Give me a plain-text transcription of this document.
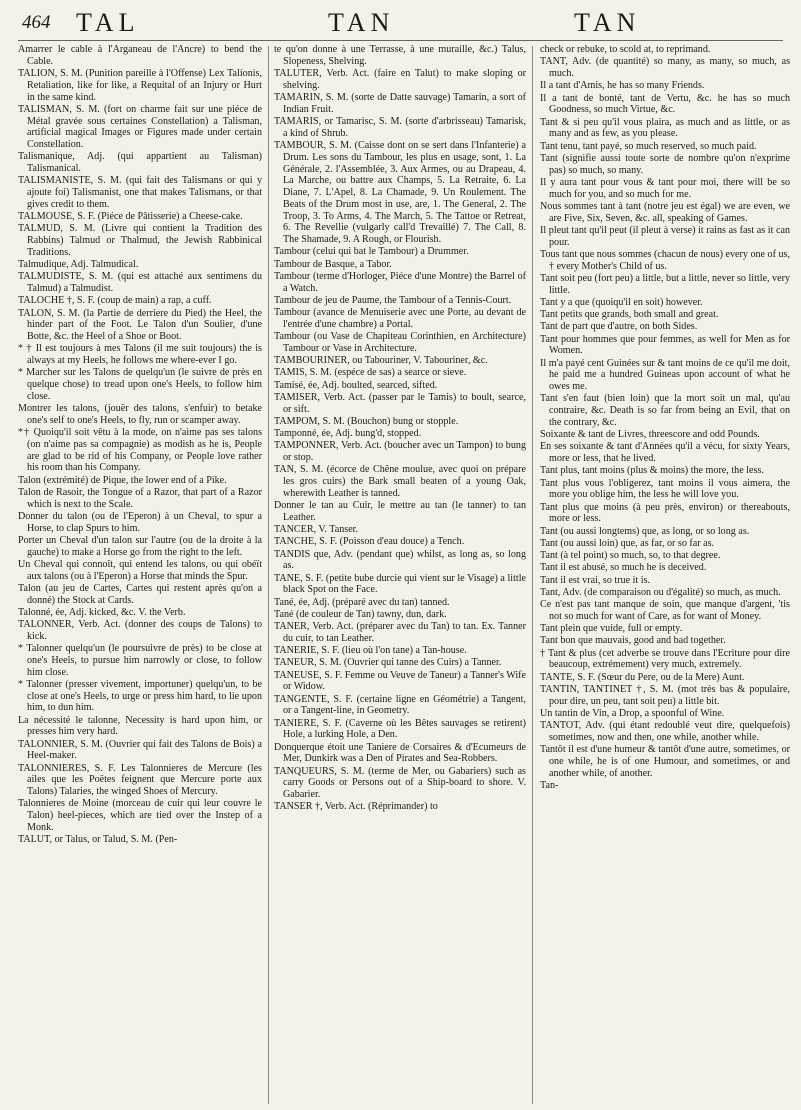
464 TAL	TAN	TAN
Amarrer le cable à l'Arganeau de l'Ancre) to bend the Cable.
TALION, S. M. (Punition pareille à l'Offense) Lex Talionis, Retaliation, like for like, a Requital of an Injury or Hurt in the same kind.
TALISMAN, S. M. (fort on charme fait sur une piéce de Métal gravée sous certaines Constellation) a Talisman, artificial magical Images or Figures made under certain Constellation.
Talismanique, Adj. (qui appartient au Talisman) Talismanical.
TALISMANISTE, S. M. (qui fait des Talismans or qui y ajoute foi) Talismanist, one that makes Talismans, or that gives credit to them.
TALMOUSE, S. F. (Piéce de Pâtisserie) a Cheese-cake.
TALMUD, S. M. (Livre qui contient la Tradition des Rabbins) Talmud or Thalmud, the Jewish Rabbinical Traditions.
Talmudique, Adj. Talmudical.
TALMUDISTE, S. M. (qui est attaché aux sentimens du Talmud) a Talmudist.
TALOCHE †, S. F. (coup de main) a rap, a cuff.
TALON, S. M. (la Partie de derriere du Pied) the Heel, the hinder part of the Foot. Le Talon d'un Soulier, d'une Botte, &c. the Heel of a Shoe or Boot.
* † Il est toujours à mes Talons (il me suit toujours) the is always at my Heels, he follows me where-ever I go.
* Marcher sur les Talons de quelqu'un (le suivre de près en quelque chose) to tread upon one's Heels, to follow him close.
Montrer les talons, (jouër des talons, s'enfuir) to betake one's self to one's Heels, to fly, run or scamper away.
*† Quoiqu'il soit vêtu à la mode, on n'aime pas ses talons (on n'aime pas sa compagnie) as modish as he is, People are glad to be rid of his Company, or People love rather his room than his Company.
Talon (extrémité) de Pique, the lower end of a Pike.
Talon de Rasoir, the Tongue of a Razor, that part of a Razor which is next to the Scale.
Donner du talon (ou de l'Eperon) à un Cheval, to spur a Horse, to clap Spurs to him.
Porter un Cheval d'un talon sur l'autre (ou de la droite à la gauche) to make a Horse go from the right to the left.
Un Cheval qui connoît, qui entend les talons, ou qui obéït aux talons (ou à l'Eperon) a Horse that minds the Spur.
Talon (au jeu de Cartes, Cartes qui restent après qu'on a donné) the Stock at Cards.
Talonné, ée, Adj. kicked, &c. V. the Verb.
TALONNER, Verb. Act. (donner des coups de Talons) to kick.
* Talonner quelqu'un (le poursuivre de près) to be close at one's Heels, to pursue him narrowly or close, to follow him close.
* Talonner (presser vivement, importuner) quelqu'un, to be close at one's Heels, to urge or press him hard, to lie upon him, to dun him.
La nécessité le talonne, Necessity is hard upon him, or presses him very hard.
TALONNIER, S. M. (Ouvrier qui fait des Talons de Bois) a Heel-maker.
TALONNIERES, S. F. Les Talonnieres de Mercure (les ailes que les Poëtes feignent que Mercure porte aux Talons) Talaries, the winged Shoes of Mercury.
Talonnieres de Moine (morceau de cuir qui leur couvre le Talon) heel-pieces, which are tied over the Instep of a Monk.
TALUT, or Talus, or Talud, S. M. (Pen-
te qu'on donne à une Terrasse, à une muraille, &c.) Talus, Slopeness, Shelving.
TALUTER, Verb. Act. (faire en Talut) to make sloping or shelving.
TAMARIN, S. M. (sorte de Datte sauvage) Tamarin, a sort of Indian Fruit.
TAMARIS, or Tamarisc, S. M. (sorte d'arbrisseau) Tamarisk, a kind of Shrub.
TAMBOUR, S. M. (Caisse dont on se sert dans l'Infanterie) a Drum. Les sons du Tambour, les plus en usage, sont, 1. La Générale, 2. l'Assemblée, 3. Aux Armes, ou au Drapeau, 4. La Marche, ou battre aux Champs, 5. La Retraite, 6. La Diane, 7. L'Apel, 8. La Chamade, 9. Un Roulement. The Beats of the Drum most in use, are, 1. The General, 2. The Troop, 3. To Arms, 4. The March, 5. The Tattoe or Retreat, 6. The Revellie (vulgarly call'd Trevaillé) 7. The Call, 8. The Shamade, 9. A Rough, or Flourish.
Tambour (celui qui bat le Tambour) a Drummer.
Tambour de Basque, a Tabor.
Tambour (terme d'Horloger, Piéce d'une Montre) the Barrel of a Watch.
Tambour de jeu de Paume, the Tambour of a Tennis-Court.
Tambour (avance de Menuiserie avec une Porte, au devant de l'entrée d'une chambre) a Portal.
Tambour (ou Vase de Chapiteau Corinthien, en Architecture) Tambour or Vase in Architecture.
TAMBOURINER, ou Tabouriner, V. Tabouriner, &c.
TAMIS, S. M. (espéce de sas) a searce or sieve.
Tamisé, ée, Adj. boulted, searced, sifted.
TAMISER, Verb. Act. (passer par le Tamis) to boult, searce, or sift.
TAMPOM, S. M. (Bouchon) bung or stopple.
Tamponné, ée, Adj. bung'd, stopped.
TAMPONNER, Verb. Act. (boucher avec un Tampon) to bung or stop.
TAN, S. M. (écorce de Chêne moulue, avec quoi on prépare les gros cuirs) the Bark small beaten of a young Oak, wherewith Leather is tanned.
Donner le tan au Cuir, le mettre au tan (le tanner) to tan Leather.
TANCER, V. Tanser.
TANCHE, S. F. (Poisson d'eau douce) a Tench.
TANDIS que, Adv. (pendant que) whilst, as long as, so long as.
TANE, S. F. (petite bube durcie qui vient sur le Visage) a little black Spot on the Face.
Tané, ée, Adj. (préparé avec du tan) tanned.
Tané (de couleur de Tan) tawny, dun, dark.
TANER, Verb. Act. (préparer avec du Tan) to tan. Ex. Tanner du cuir, to tan Leather.
TANERIE, S. F. (lieu où l'on tane) a Tan-house.
TANEUR, S. M. (Ouvrier qui tanne des Cuirs) a Tanner.
TANEUSE, S. F. Femme ou Veuve de Taneur) a Tanner's Wife or Widow.
TANGENTE, S. F. (certaine ligne en Géométrie) a Tangent, or a Tangent-line, in Geometry.
TANIERE, S. F. (Caverne où les Bêtes sauvages se retirent) Hole, a lurking Hole, a Den.
Donquerque étoit une Taniere de Corsaires & d'Ecumeurs de Mer, Dunkirk was a Den of Pirates and Sea-Robbers.
TANQUEURS, S. M. (terme de Mer, ou Gabariers) such as carry Goods or Persons out of a Ship-board to shore. V. Gabarier.
TANSER †, Verb. Act. (Réprimander) to
check or rebuke, to scold at, to reprimand.
TANT, Adv. (de quantité) so many, as many, so much, as much.
Il a tant d'Amis, he has so many Friends.
Il a tant de bonté, tant de Vertu, &c. he has so much Goodness, so much Virtue, &c.
Tant & si peu qu'il vous plaira, as much and as little, or as many and as few, as you please.
Tant tenu, tant payé, so much reserved, so much paid.
Tant (signifie aussi toute sorte de nombre qu'on n'exprime pas) so much, so many.
Il y aura tant pour vous & tant pour moi, there will be so much for you, and so much for me.
Nous sommes tant à tant (notre jeu est égal) we are even, we are Five, Six, Seven, &c. all, speaking of Games.
Il pleut tant qu'il peut (il pleut à verse) it rains as fast as it can pour.
Tous tant que nous sommes (chacun de nous) every one of us, † every Mother's Child of us.
Tant soit peu (fort peu) a little, but a little, never so little, very little.
Tant y a que (quoiqu'il en soit) however.
Tant petits que grands, both small and great.
Tant de part que d'autre, on both Sides.
Tant pour hommes que pour femmes, as well for Men as for Women.
Il m'a payé cent Guinées sur & tant moins de ce qu'il me doit, he paid me a hundred Guineas upon account of what he owes me.
Tant s'en faut (bien loin) que la mort soit un mal, qu'au contraire, &c. Death is so far from being an Evil, that on the contrary, &c.
Soixante & tant de Livres, threescore and odd Pounds.
En ses soixante & tant d'Années qu'il a vécu, for sixty Years, more or less, that he lived.
Tant plus, tant moins (plus & moins) the more, the less.
Tant plus vous l'obligerez, tant moins il vous aimera, the more you oblige him, the less he will love you.
Tant plus que moins (à peu près, environ) or thereabouts, more or less.
Tant (ou aussi longtems) que, as long, or so long as.
Tant (ou aussi loin) que, as far, or so far as.
Tant (à tel point) so much, so, to that degree.
Tant il est abusé, so much he is deceived.
Tant il est vrai, so true it is.
Tant, Adv. (de comparaison ou d'égalité) so much, as much.
Ce n'est pas tant manque de soin, que manque d'argent, 'tis not so much for want of Care, as for want of Money.
Tant plein que vuide, full or empty.
Tant bon que mauvais, good and bad together.
† Tant & plus (cet adverbe se trouve dans l'Ecriture pour dire beaucoup, extrémement) very much, extremely.
TANTE, S. F. (Sœur du Pere, ou de la Mere) Aunt.
TANTIN, TANTINET †, S. M. (mot très bas & populaire, pour dire, un peu, tant soit peu) a little bit.
Un tantin de Vin, a Drop, a spoonful of Wine.
TANTOT, Adv. (qui étant redoublé veut dire, quelquefois) sometimes, now and then, one while, another while.
Tantôt il est d'une humeur & tantôt d'une autre, sometimes, or one while, he is of one Humour, and sometimes, or and another while, of another.
Tan-
